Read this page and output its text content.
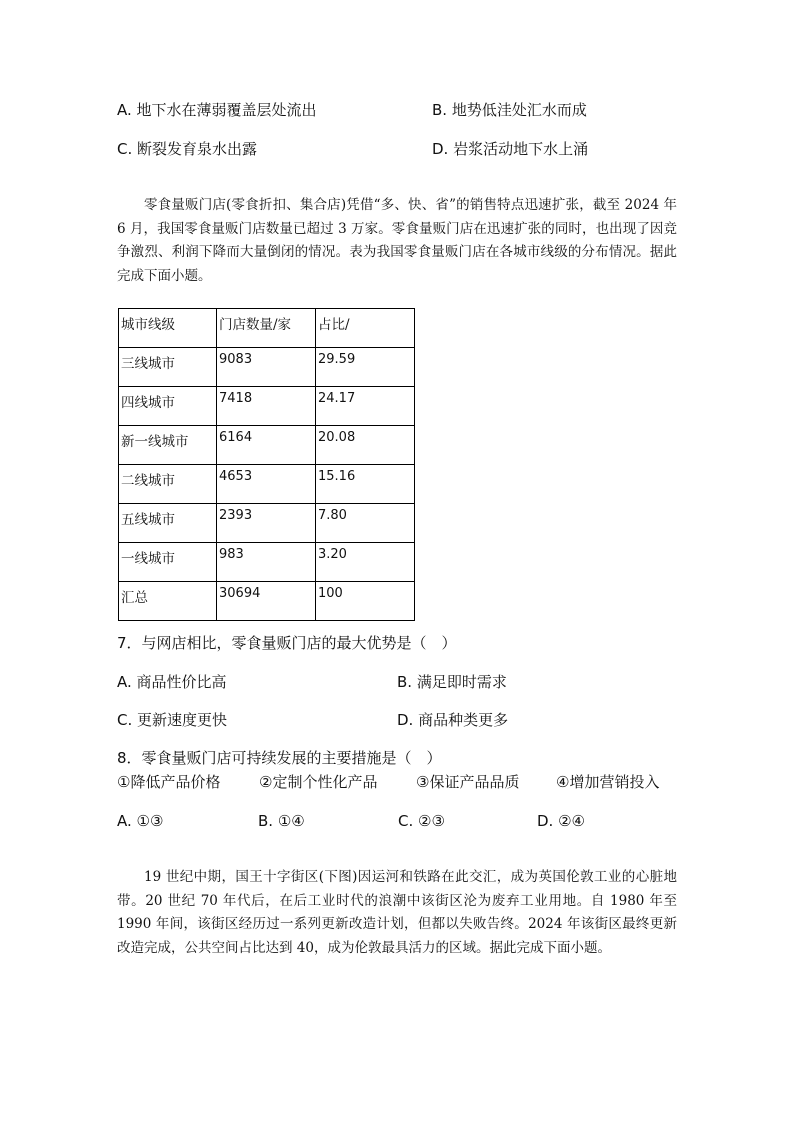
A. 地下水在薄弱覆盖层处流出	B. 地势低洼处汇水而成
C. 断裂发育泉水出露	D. 岩浆活动地下水上涌

零食量贩门店(零食折扣、集合店)凭借“多、快、省”的销售特点迅速扩张，截至 2024 年 6 月，我国零食量贩门店数量已超过 3 万家。零食量贩门店在迅速扩张的同时，也出现了因竞争激烈、利润下降而大量倒闭的情况。表为我国零食量贩门店在各城市线级的分布情况。据此完成下面小题。

城市线级	门店数量/家	占比/
三线城市	9083	29.59
四线城市	7418	24.17
新一线城市	6164	20.08
二线城市	4653	15.16
五线城市	2393	7.80
一线城市	983	3.20
汇总	30694	100
7．与网店相比，零食量贩门店的最大优势是（　）
A. 商品性价比高	B. 满足即时需求
C. 更新速度更快	D. 商品种类更多
8．零食量贩门店可持续发展的主要措施是（　）
①降低产品价格	②定制个性化产品	③保证产品品质 ④增加营销投入
A. ①③	B. ①④	C. ②③	D. ②④

19 世纪中期，国王十字街区(下图)因运河和铁路在此交汇，成为英国伦敦工业的心脏地带。20 世纪 70 年代后，在后工业时代的浪潮中该街区沦为废弃工业用地。自 1980 年至 1990 年间，该街区经历过一系列更新改造计划，但都以失败告终。2024 年该街区最终更新改造完成，公共空间占比达到 40，成为伦敦最具活力的区域。据此完成下面小题。
